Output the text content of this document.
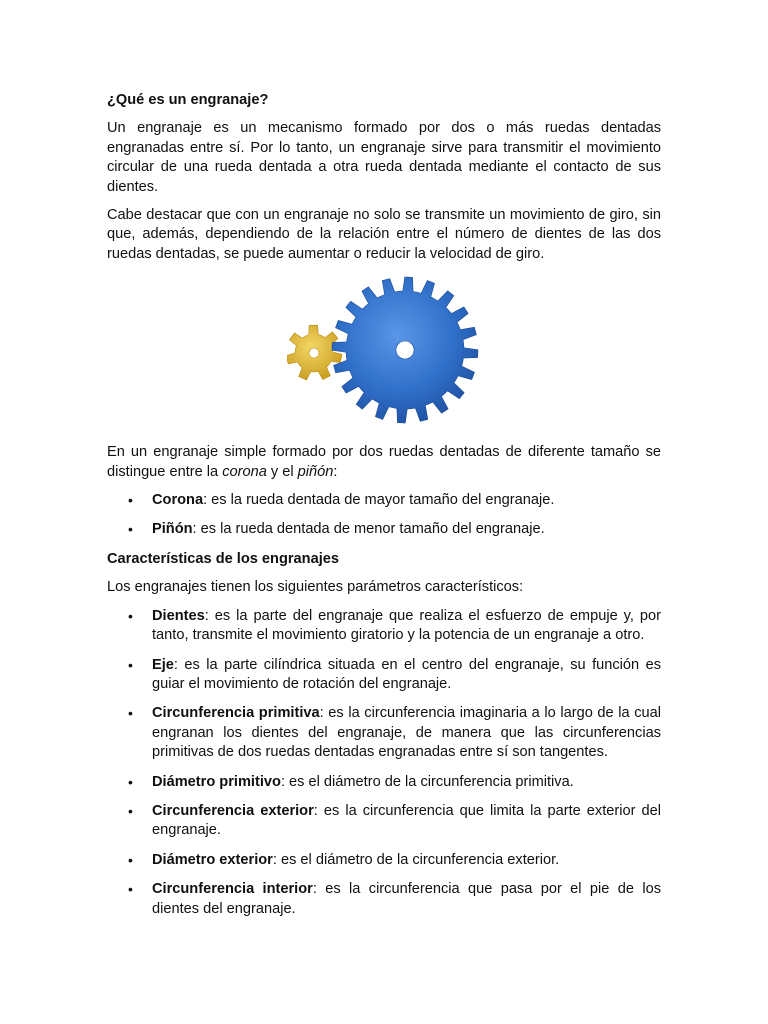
¿Qué es un engranaje?

Un engranaje es un mecanismo formado por dos o más ruedas dentadas engranadas entre sí. Por lo tanto, un engranaje sirve para transmitir el movimiento circular de una rueda dentada a otra rueda dentada mediante el contacto de sus dientes.

Cabe destacar que con un engranaje no solo se transmite un movimiento de giro, sin que, además, dependiendo de la relación entre el número de dientes de las dos ruedas dentadas, se puede aumentar o reducir la velocidad de giro.

En un engranaje simple formado por dos ruedas dentadas de diferente tamaño se distingue entre la corona y el piñón:

• Corona: es la rueda dentada de mayor tamaño del engranaje.
• Piñón: es la rueda dentada de menor tamaño del engranaje.
Características de los engranajes

Los engranajes tienen los siguientes parámetros característicos:

• Dientes: es la parte del engranaje que realiza el esfuerzo de empuje y, por tanto, transmite el movimiento giratorio y la potencia de un engranaje a otro.
• Eje: es la parte cilíndrica situada en el centro del engranaje, su función es guiar el movimiento de rotación del engranaje.
• Circunferencia primitiva: es la circunferencia imaginaria a lo largo de la cual engranan los dientes del engranaje, de manera que las circunferencias primitivas de dos ruedas dentadas engranadas entre sí son tangentes.
• Diámetro primitivo: es el diámetro de la circunferencia primitiva.
• Circunferencia exterior: es la circunferencia que limita la parte exterior del engranaje.
• Diámetro exterior: es el diámetro de la circunferencia exterior.
• Circunferencia interior: es la circunferencia que pasa por el pie de los dientes del engranaje.
